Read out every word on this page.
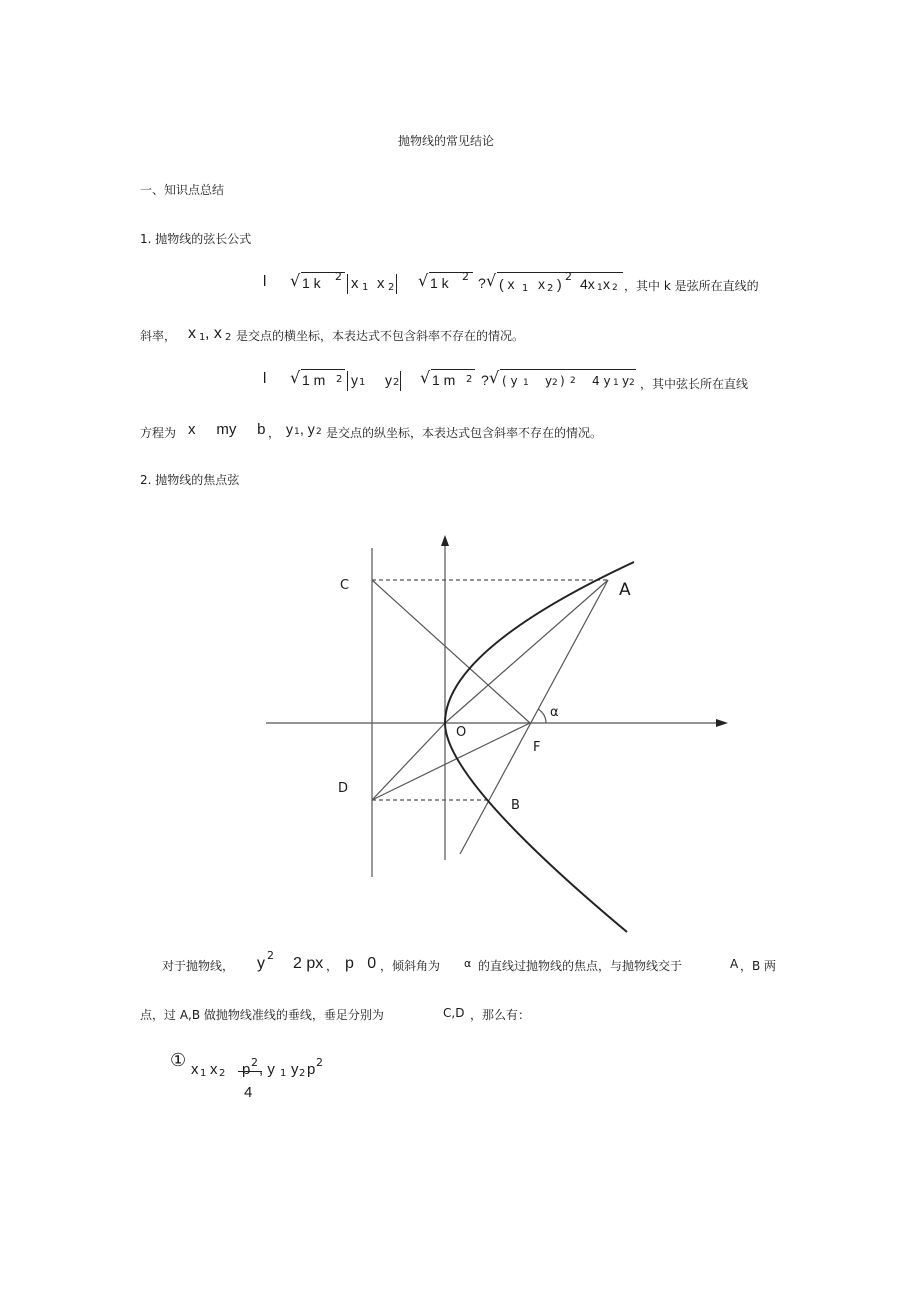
抛物线的常见结论
一、知识点总结
1. 抛物线的弦长公式
l √ 1 k 2 x 1 x 2 √ 1 k 2 ? √ ( x 1 x 2 ) 2 4x 1 x 2 ，其中 k 是弦所在直线的
斜率， x 1 , x 2 是交点的横坐标，本表达式不包含斜率不存在的情况。
l √ 1 m 2 y 1 y 2 √ 1 m 2 ? √ ( y 1 y 2 ) 2 4 y 1 y 2 ，其中弦长所在直线
方程为 x     my     b ， y 1 , y 2 是交点的纵坐标，本表达式包含斜率不存在的情况。
2. 抛物线的焦点弦
C	A
α
O
F
D
B
对于抛物线， y 2 2 px ， p   0 ，倾斜角为 α 的直线过抛物线的焦点，与抛物线交于	A ，B 两
点，过 A,B 做抛物线准线的垂线，垂足分别为	C,D ，那么有：
① x 1 x 2 p 2
4
, y 1 y 2 p 2
